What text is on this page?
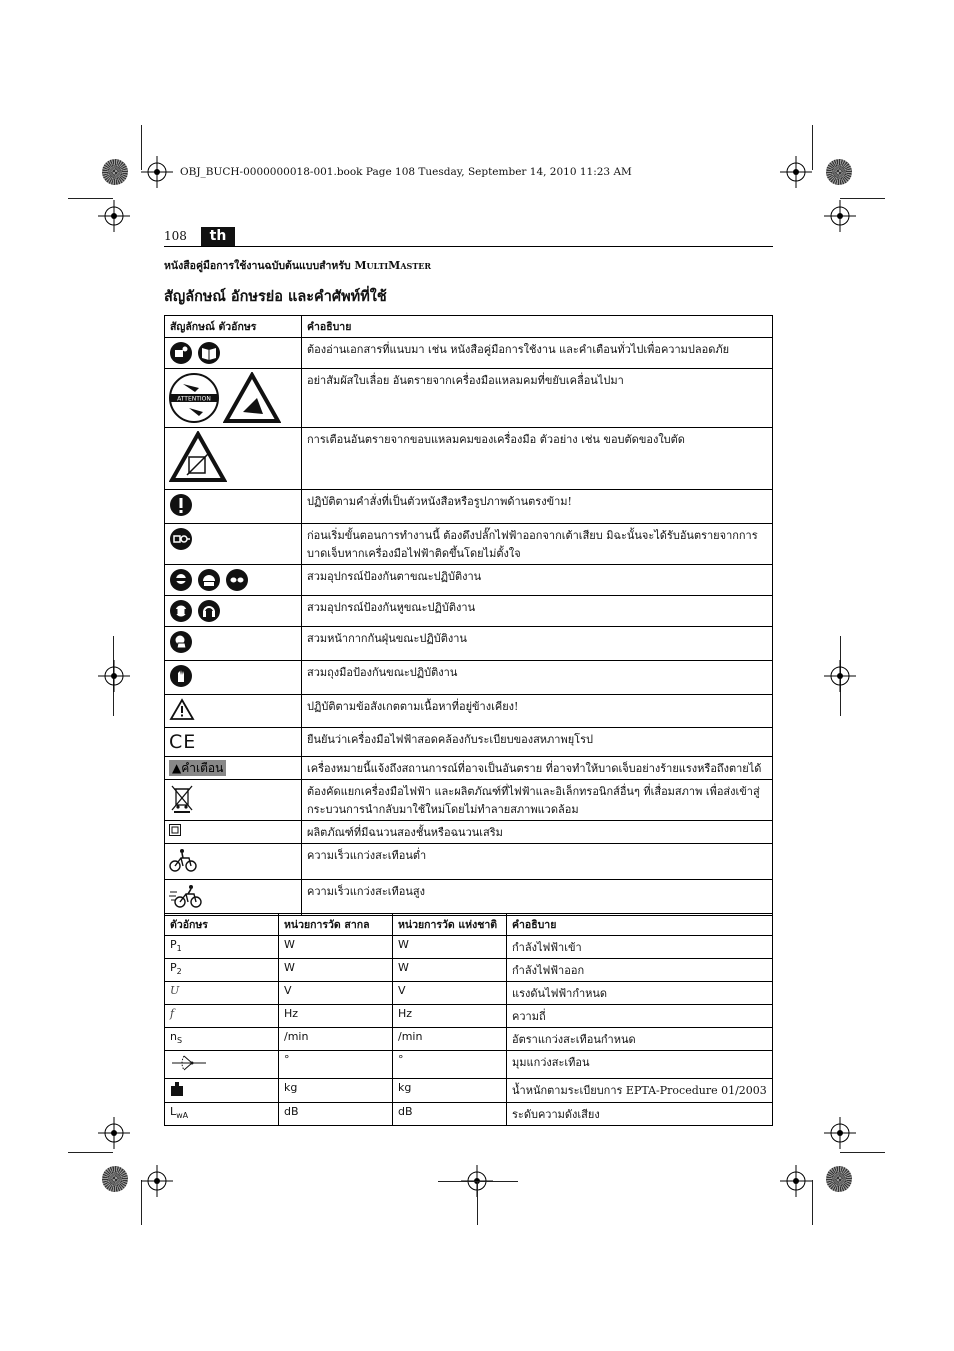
OBJ_BUCH-0000000018-001.book Page 108 Tuesday, September 14, 2010 11:23 AM
108	th
หนังสือคู่มือการใช้งานฉบับต้นแบบสำหรับ MULTIMASTER
สัญลักษณ์ อักษรย่อ และคำศัพท์ที่ใช้
สัญลักษณ์ ตัวอักษร	คำอธิบาย

	ต้องอ่านเอกสารที่แนบมา เช่น หนังสือคู่มือการใช้งาน และคำเตือนทั่วไปเพื่อความปลอดภัย

ATTENTION	อย่าสัมผัสใบเลื่อย อันตรายจากเครื่องมือแหลมคมที่ขยับเคลื่อนไปมา
	การเตือนอันตรายจากขอบแหลมคมของเครื่องมือ ตัวอย่าง เช่น ขอบตัดของใบตัด
	ปฏิบัติตามคำสั่งที่เป็นตัวหนังสือหรือรูปภาพด้านตรงข้าม!
	ก่อนเริ่มขั้นตอนการทำงานนี้ ต้องดึงปลั๊กไฟฟ้าออกจากเต้าเสียบ มิฉะนั้นจะได้รับอันตรายจากการบาดเจ็บหากเครื่องมือไฟฟ้าติดขึ้นโดยไม่ตั้งใจ

	สวมอุปกรณ์ป้องกันตาขณะปฏิบัติงาน

	สวมอุปกรณ์ป้องกันหูขณะปฏิบัติงาน
	สวมหน้ากากกันฝุ่นขณะปฏิบัติงาน
	สวมถุงมือป้องกันขณะปฏิบัติงาน
	ปฏิบัติตามข้อสังเกตตามเนื้อหาที่อยู่ข้างเคียง!
CE	ยืนยันว่าเครื่องมือไฟฟ้าสอดคล้องกับระเบียบของสหภาพยุโรป
▲คำเตือน	เครื่องหมายนี้แจ้งถึงสถานการณ์ที่อาจเป็นอันตราย ที่อาจทำให้บาดเจ็บอย่างร้ายแรงหรือถึงตายได้
	ต้องคัดแยกเครื่องมือไฟฟ้า และผลิตภัณฑ์ที่ไฟฟ้าและอิเล็กทรอนิกส์อื่นๆ ที่เสื่อมสภาพ เพื่อส่งเข้าสู่กระบวนการนำกลับมาใช้ใหม่โดยไม่ทำลายสภาพแวดล้อม
	ผลิตภัณฑ์ที่มีฉนวนสองชั้นหรือฉนวนเสริม
	ความเร็วแกว่งสะเทือนต่ำ
	ความเร็วแกว่งสะเทือนสูง
ตัวอักษร	หน่วยการวัด สากล	หน่วยการวัด แห่งชาติ	คำอธิบาย
$P_1$	W	W	กำลังไฟฟ้าเข้า
$P_2$	W	W	กำลังไฟฟ้าออก
U	V	V	แรงดันไฟฟ้ากำหนด
f	Hz	Hz	ความถี่
$n_S$	/min	/min	อัตราแกว่งสะเทือนกำหนด
	°	°	มุมแกว่งสะเทือน
	kg	kg	น้ำหนักตามระเบียบการ EPTA-Procedure 01/2003
$L_{wA}$	dB	dB	ระดับความดังเสียง
